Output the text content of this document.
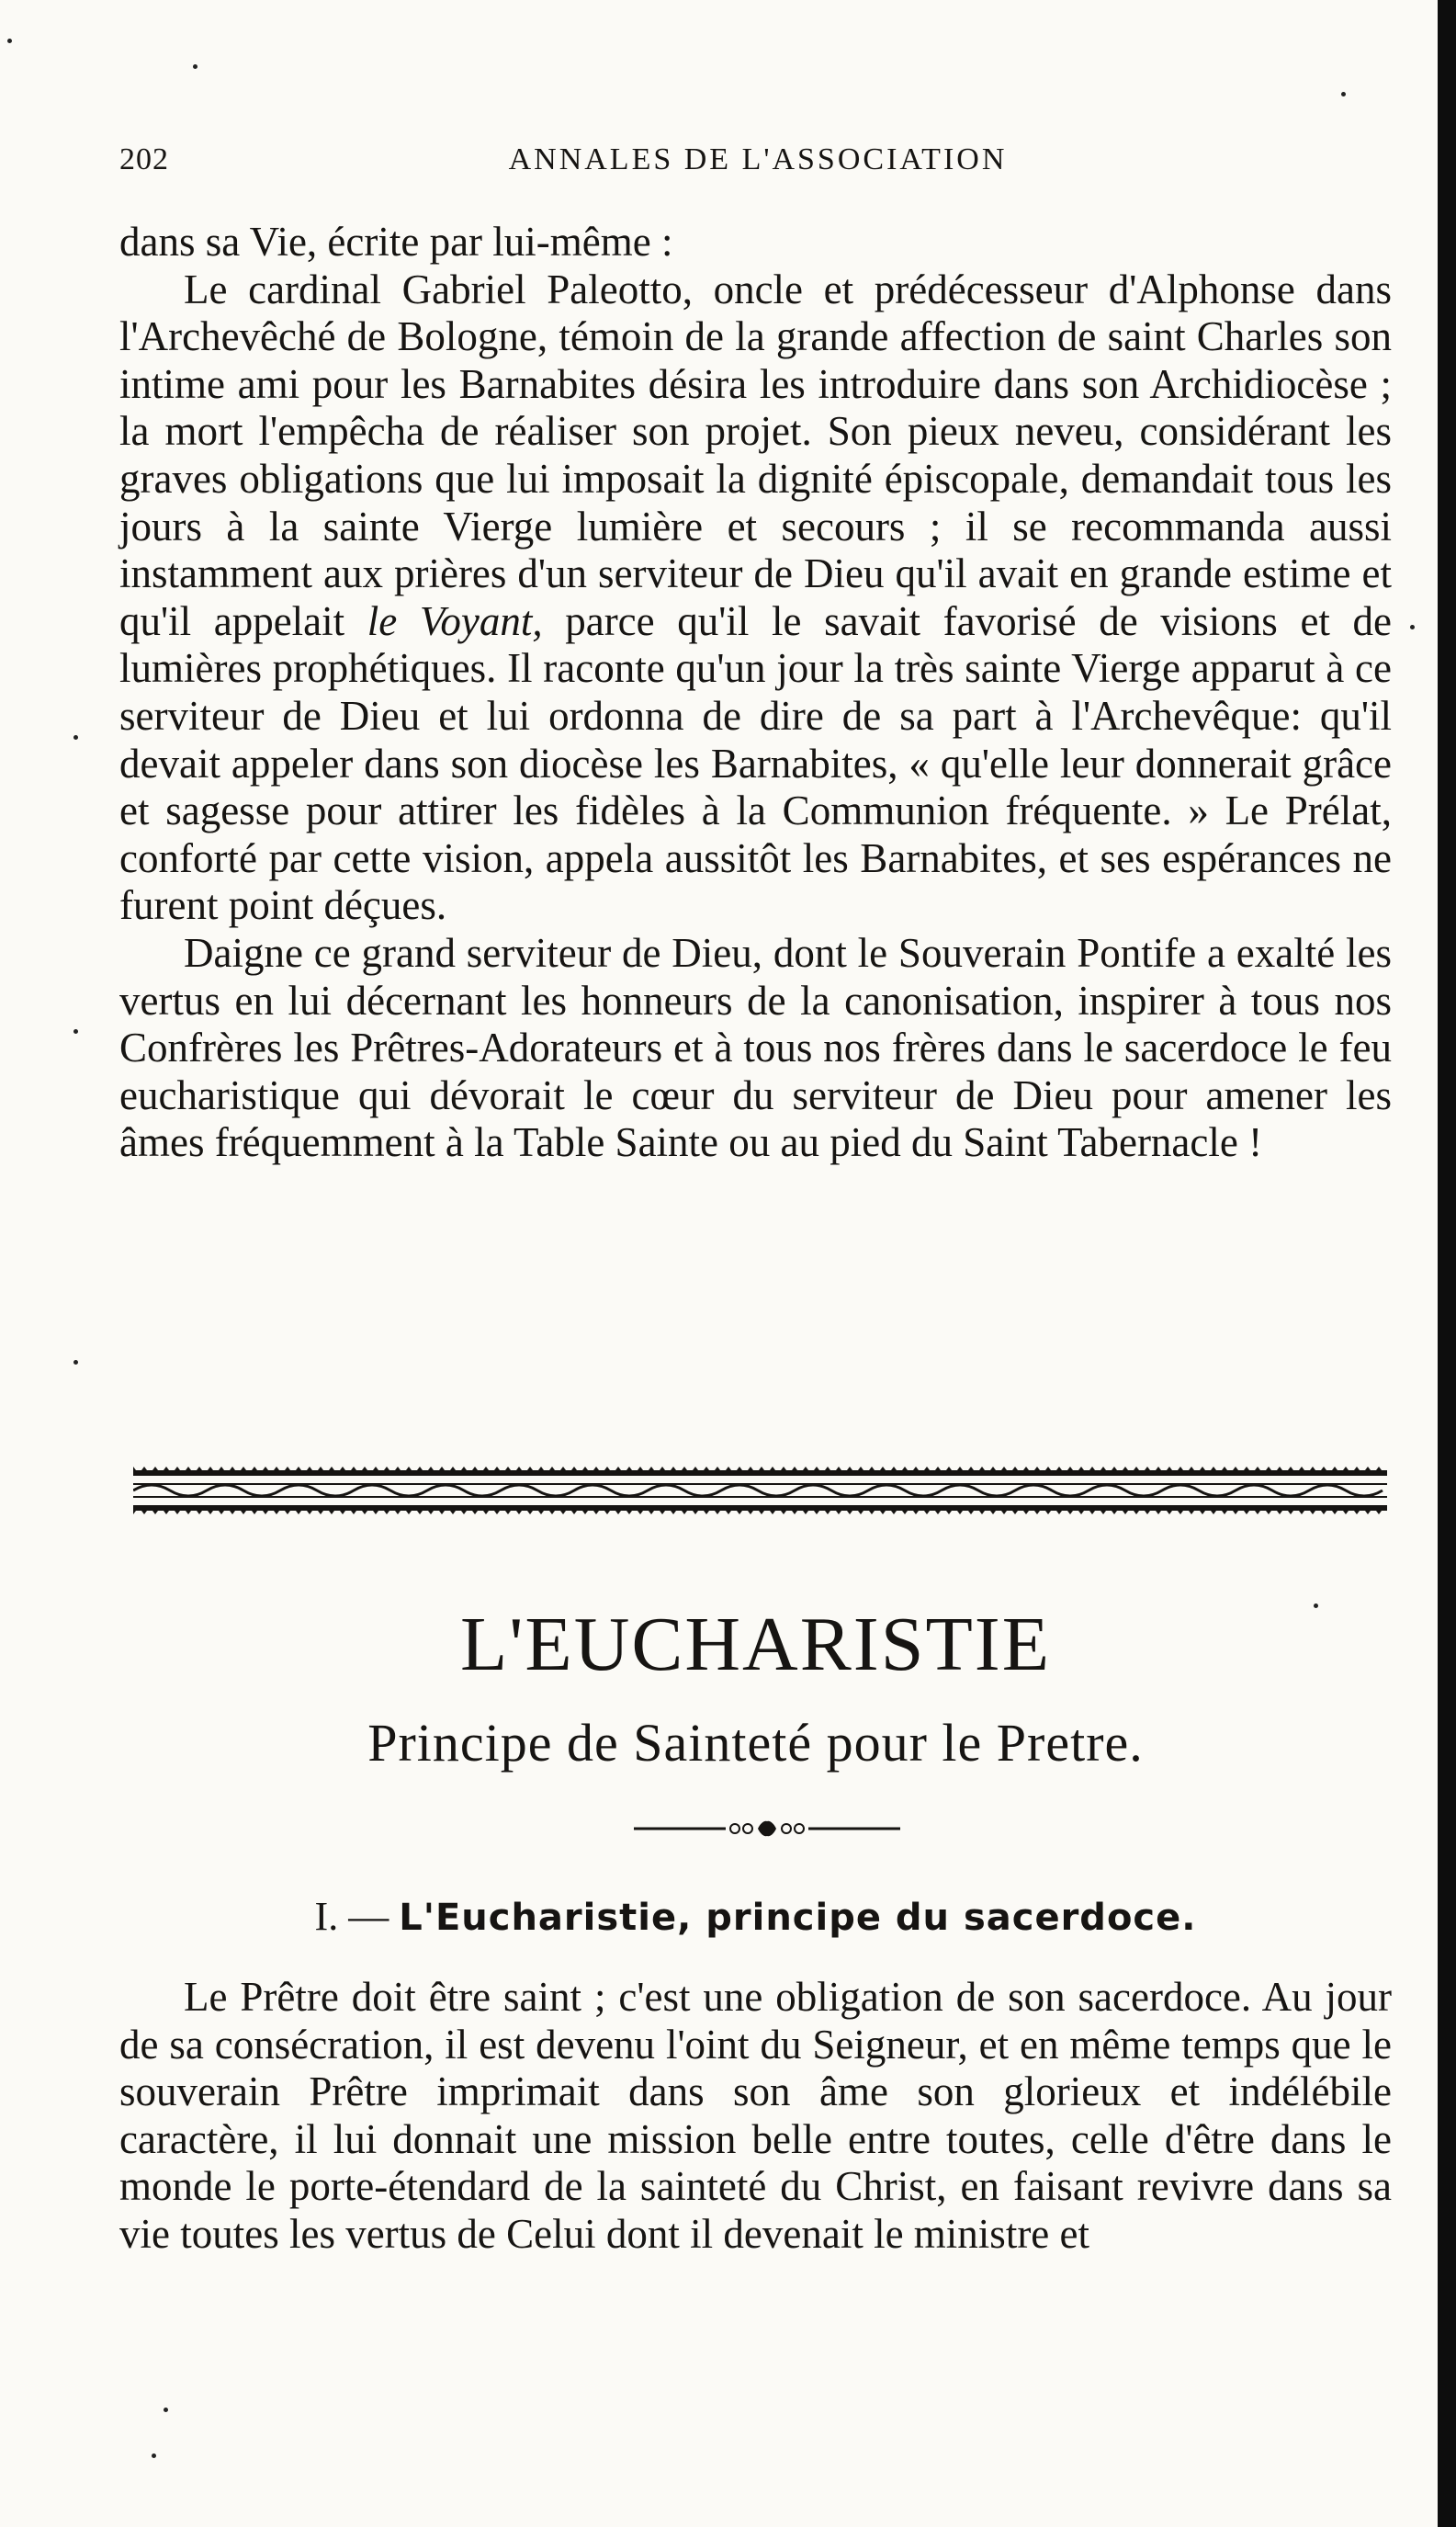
202	ANNALES DE L'ASSOCIATION

dans sa Vie, écrite par lui-même :

Le cardinal Gabriel Paleotto, oncle et prédécesseur d'Alphonse dans l'Archevêché de Bologne, témoin de la grande affection de saint Charles son intime ami pour les Barnabites désira les introduire dans son Archidiocèse ; la mort l'empêcha de réaliser son projet. Son pieux neveu, considérant les graves obligations que lui imposait la dignité épiscopale, demandait tous les jours à la sainte Vierge lumière et secours ; il se recommanda aussi instamment aux prières d'un serviteur de Dieu qu'il avait en grande estime et qu'il appelait le Voyant, parce qu'il le savait favorisé de visions et de lumières prophétiques. Il raconte qu'un jour la très sainte Vierge apparut à ce serviteur de Dieu et lui ordonna de dire de sa part à l'Archevêque: qu'il devait appeler dans son diocèse les Barnabites, « qu'elle leur donnerait grâce et sagesse pour attirer les fidèles à la Communion fréquente. » Le Prélat, conforté par cette vision, appela aussitôt les Barnabites, et ses espérances ne furent point déçues.

Daigne ce grand serviteur de Dieu, dont le Souverain Pontife a exalté les vertus en lui décernant les honneurs de la canonisation, inspirer à tous nos Confrères les Prêtres-Adorateurs et à tous nos frères dans le sacerdoce le feu eucharistique qui dévorait le cœur du serviteur de Dieu pour amener les âmes fréquemment à la Table Sainte ou au pied du Saint Tabernacle !

L'EUCHARISTIE
Principe de Sainteté pour le Pretre.
I. — L'Eucharistie, principe du sacerdoce.

Le Prêtre doit être saint ; c'est une obligation de son sacerdoce. Au jour de sa consécration, il est devenu l'oint du Seigneur, et en même temps que le souverain Prêtre imprimait dans son âme son glorieux et indélébile caractère, il lui donnait une mission belle entre toutes, celle d'être dans le monde le porte-étendard de la sainteté du Christ, en faisant revivre dans sa vie toutes les vertus de Celui dont il devenait le ministre et
